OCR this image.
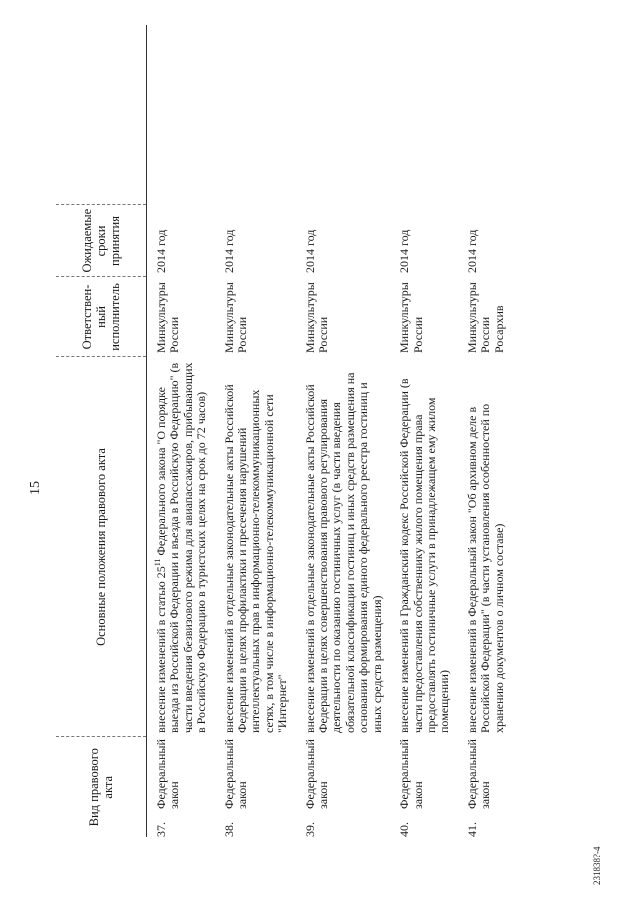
15
Вид правового акта		Основные положения правового акта	Ответствен-ный исполнитель	Ожидаемые сроки принятия	
37.	Федеральный закон	внесение изменений в статью $25^{11}$ Федерального закона "О порядке выезда из Российской Федерации и въезда в Российскую Федерацию" (в части введения безвизового режима для авиапассажиров, прибывающих в Российскую Федерацию в туристских целях на срок до 72 часов)	Минкультуры России	2014 год	
38.	Федеральный закон	внесение изменений в отдельные законодательные акты Российской Федерации в целях профилактики и пресечения нарушений интеллектуальных прав в информационно-телекоммуникационных сетях, в том числе в информационно-телекоммуникационной сети "Интернет"	Минкультуры России	2014 год	
39.	Федеральный закон	внесение изменений в отдельные законодательные акты Российской Федерации в целях совершенствования правового регулирования деятельности по оказанию гостиничных услуг (в части введения обязательной классификации гостиниц и иных средств размещения на основании формирования единого федерального реестра гостиниц и иных средств размещения)	Минкультуры России	2014 год	
40.	Федеральный закон	внесение изменений в Гражданский кодекс Российской Федерации (в части предоставления собственнику жилого помещения права предоставлять гостиничные услуги в принадлежащем ему жилом помещении)	Минкультуры России	2014 год	
41.	Федеральный закон	внесение изменений в Федеральный закон "Об архивном деле в Российской Федерации" (в части установления особенностей по хранению документов о личном составе)	Минкультуры России Росархив	2014 год	
231838?-4
